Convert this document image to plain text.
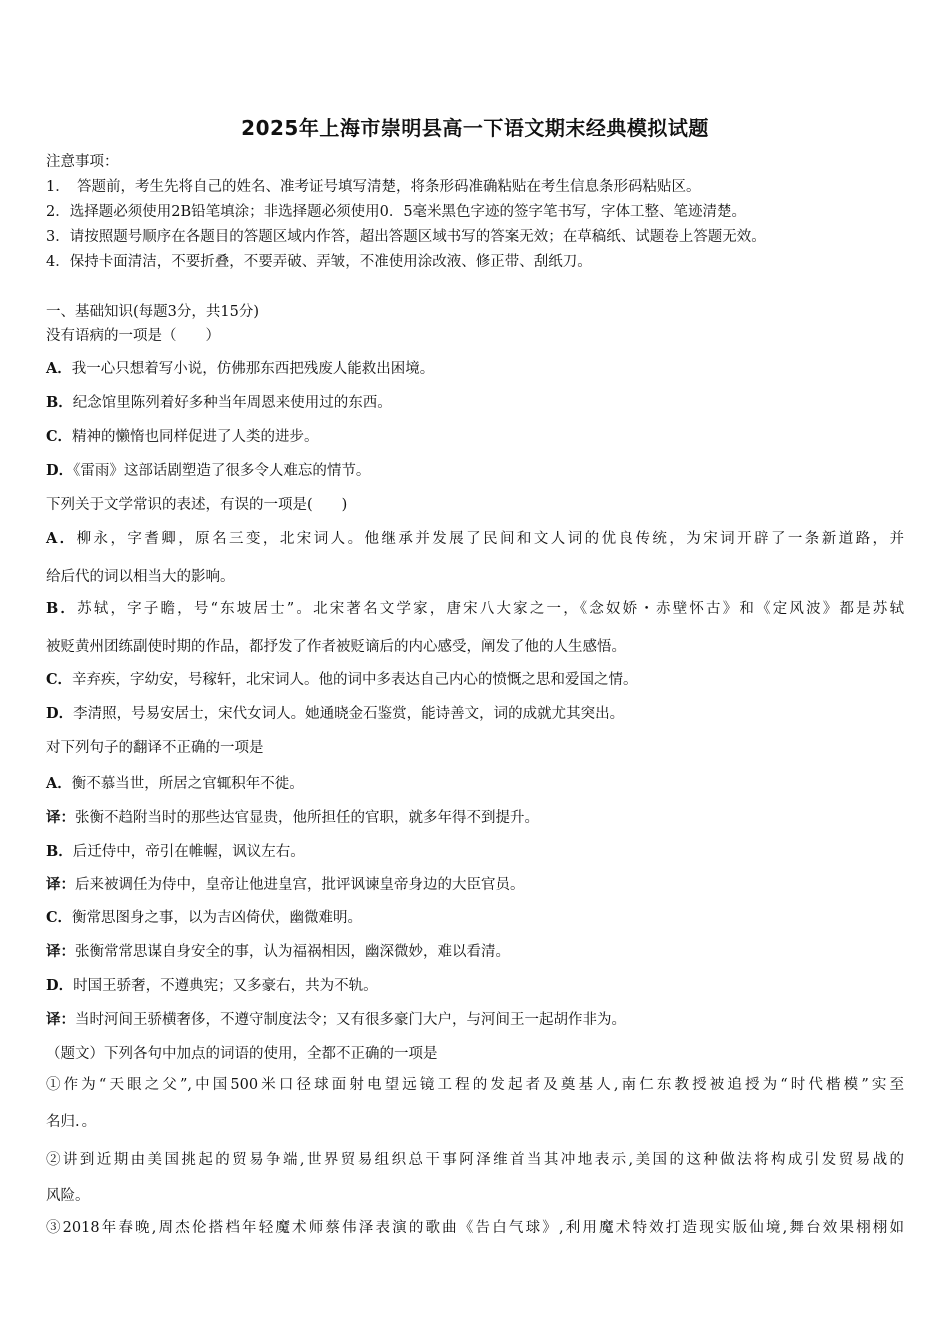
2025年上海市崇明县高一下语文期末经典模拟试题
注意事项：
1．　答题前，考生先将自己的姓名、准考证号填写清楚，将条形码准确粘贴在考生信息条形码粘贴区。
2．选择题必须使用2B铅笔填涂；非选择题必须使用0．5毫米黑色字迹的签字笔书写，字体工整、笔迹清楚。
3．请按照题号顺序在各题目的答题区域内作答，超出答题区域书写的答案无效；在草稿纸、试题卷上答题无效。
4．保持卡面清洁，不要折叠，不要弄破、弄皱，不准使用涂改液、修正带、刮纸刀。
一、基础知识(每题3分，共15分)
没有语病的一项是（　　）
A．我一心只想着写小说，仿佛那东西把残废人能救出困境。
B．纪念馆里陈列着好多种当年周恩来使用过的东西。
C．精神的懒惰也同样促进了人类的进步。
D．《雷雨》这部话剧塑造了很多令人难忘的情节。
下列关于文学常识的表述，有误的一项是(　　)
A．柳永，字耆卿，原名三变，北宋词人。他继承并发展了民间和文人词的优良传统，为宋词开辟了一条新道路，并
给后代的词以相当大的影响。
B．苏轼，字子瞻，号“东坡居士”。北宋著名文学家，唐宋八大家之一，《念奴娇・赤壁怀古》和《定风波》都是苏轼
被贬黄州团练副使时期的作品，都抒发了作者被贬谪后的内心感受，阐发了他的人生感悟。
C．辛弃疾，字幼安，号稼轩，北宋词人。他的词中多表达自己内心的愤慨之思和爱国之情。
D．李清照，号易安居士，宋代女词人。她通晓金石鉴赏，能诗善文，词的成就尤其突出。
对下列句子的翻译不正确的一项是
A．衡不慕当世，所居之官辄积年不徙。
译：张衡不趋附当时的那些达官显贵，他所担任的官职，就多年得不到提升。
B．后迁侍中，帝引在帷幄，讽议左右。
译：后来被调任为侍中，皇帝让他进皇宫，批评讽谏皇帝身边的大臣官员。
C．衡常思图身之事，以为吉凶倚伏，幽微难明。
译：张衡常常思谋自身安全的事，认为福祸相因，幽深微妙，难以看清。
D．时国王骄奢，不遵典宪；又多豪右，共为不轨。
译：当时河间王骄横奢侈，不遵守制度法令；又有很多豪门大户，与河间王一起胡作非为。
（题文）下列各句中加点的词语的使用，全都不正确的一项是
①作为“天眼之父”,中国500米口径球面射电望远镜工程的发起者及奠基人,南仁东教授被追授为“时代楷模”实至
名归.。
②讲到近期由美国挑起的贸易争端,世界贸易组织总干事阿泽维首当其冲地表示,美国的这种做法将构成引发贸易战的
风险。
③2018年春晚,周杰伦搭档年轻魔术师蔡伟泽表演的歌曲《告白气球》,利用魔术特效打造现实版仙境,舞台效果栩栩如
